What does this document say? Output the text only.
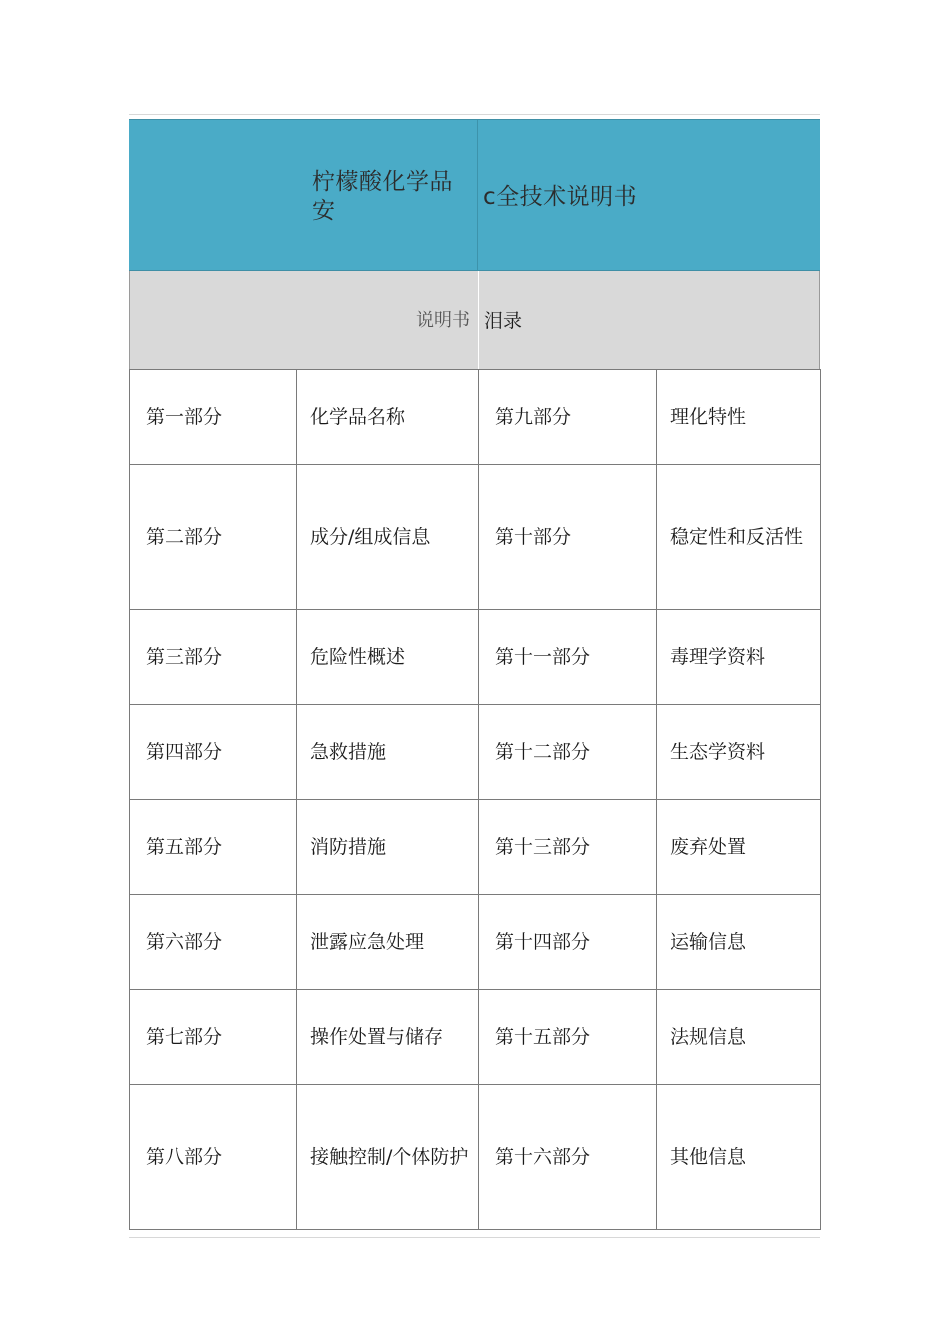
柠檬酸化学品安
c全技术说明书
说明书 泪录
第一部分	化学品名称	第九部分	理化特性
第二部分	成分/组成信息	第十部分	稳定性和反活性
第三部分	危险性概述	第十一部分	毒理学资料
第四部分	急救措施	第十二部分	生态学资料
第五部分	消防措施	第十三部分	废弃处置
第六部分	泄露应急处理	第十四部分	运输信息
第七部分	操作处置与储存	第十五部分	法规信息
第八部分	接触控制/个体防护	第十六部分	其他信息
